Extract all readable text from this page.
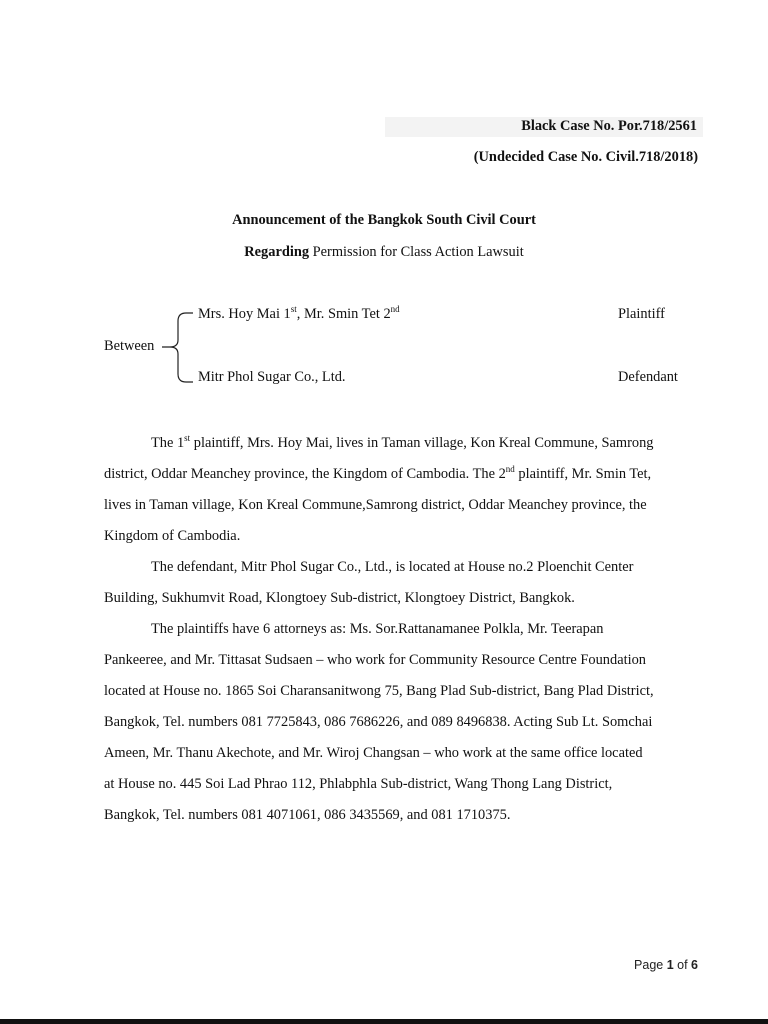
Black Case No. Por.718/2561
(Undecided Case No. Civil.718/2018)
Announcement of the Bangkok South Civil Court
Regarding Permission for Class Action Lawsuit
Between
Mrs. Hoy Mai 1st, Mr. Smin Tet 2nd	Plaintiff
Mitr Phol Sugar Co., Ltd.	Defendant

The 1st plaintiff, Mrs. Hoy Mai, lives in Taman village, Kon Kreal Commune, Samrong
district, Oddar Meanchey province, the Kingdom of Cambodia. The 2nd plaintiff, Mr. Smin Tet,
lives in Taman village, Kon Kreal Commune,Samrong district, Oddar Meanchey province, the
Kingdom of Cambodia.

The defendant, Mitr Phol Sugar Co., Ltd., is located at House no.2 Ploenchit Center
Building, Sukhumvit Road, Klongtoey Sub-district, Klongtoey District, Bangkok.

The plaintiffs have 6 attorneys as: Ms. Sor.Rattanamanee Polkla, Mr. Teerapan
Pankeeree, and Mr. Tittasat Sudsaen – who work for Community Resource Centre Foundation
located at House no. 1865 Soi Charansanitwong 75, Bang Plad Sub-district, Bang Plad District,
Bangkok, Tel. numbers 081 7725843, 086 7686226, and 089 8496838. Acting Sub Lt. Somchai
Ameen, Mr. Thanu Akechote, and Mr. Wiroj Changsan – who work at the same office located
at House no. 445 Soi Lad Phrao 112, Phlabphla Sub-district, Wang Thong Lang District,
Bangkok, Tel. numbers 081 4071061, 086 3435569, and 081 1710375.

Page 1 of 6
